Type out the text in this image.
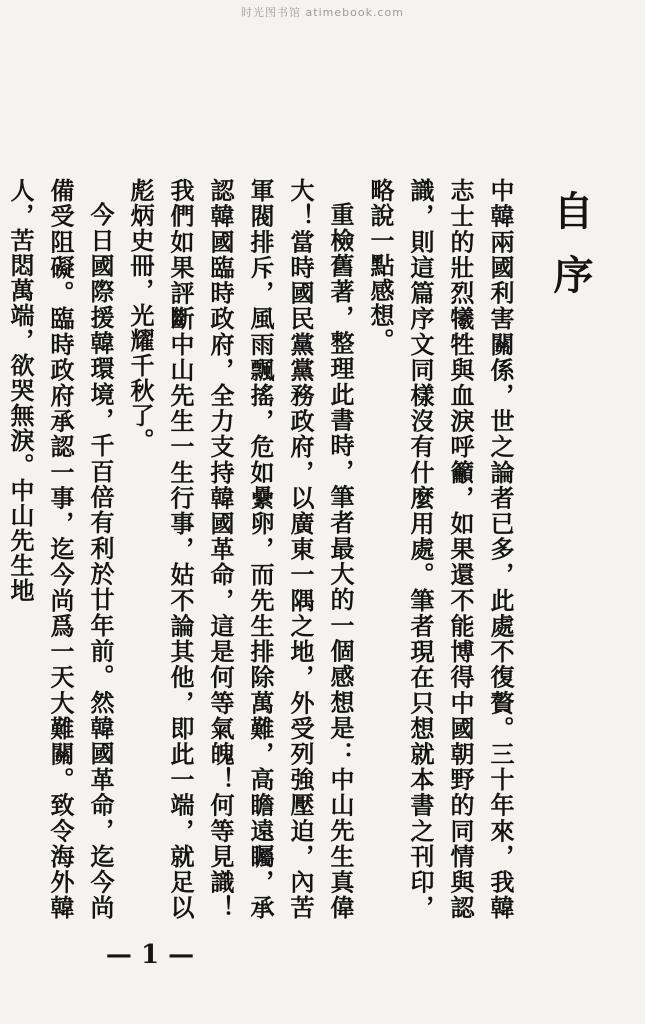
时光图书馆 atimebook.com
自序

中韓兩國利害關係，世之論者已多，此處不復贅。三十年來，我韓志士的壯烈犧牲與血淚呼籲，如果還不能博得中國朝野的同情與認識，則這篇序文同樣沒有什麼用處。筆者現在只想就本書之刊印，略說一點感想。

重檢舊著，整理此書時，筆者最大的一個感想是：中山先生真偉大！當時國民黨黨務政府，以廣東一隅之地，外受列強壓迫，內苦軍閥排斥，風雨飄搖，危如纍卵，而先生排除萬難，高瞻遠矚，承認韓國臨時政府，全力支持韓國革命，這是何等氣魄！何等見識！我們如果評斷中山先生一生行事，姑不論其他，即此一端，就足以彪炳史冊，光耀千秋了。

今日國際援韓環境，千百倍有利於廿年前。然韓國革命，迄今尚備受阻礙。臨時政府承認一事，迄今尚爲一天大難關。致令海外韓人，苦悶萬端，欲哭無淚。中山先生地

— 1 —
